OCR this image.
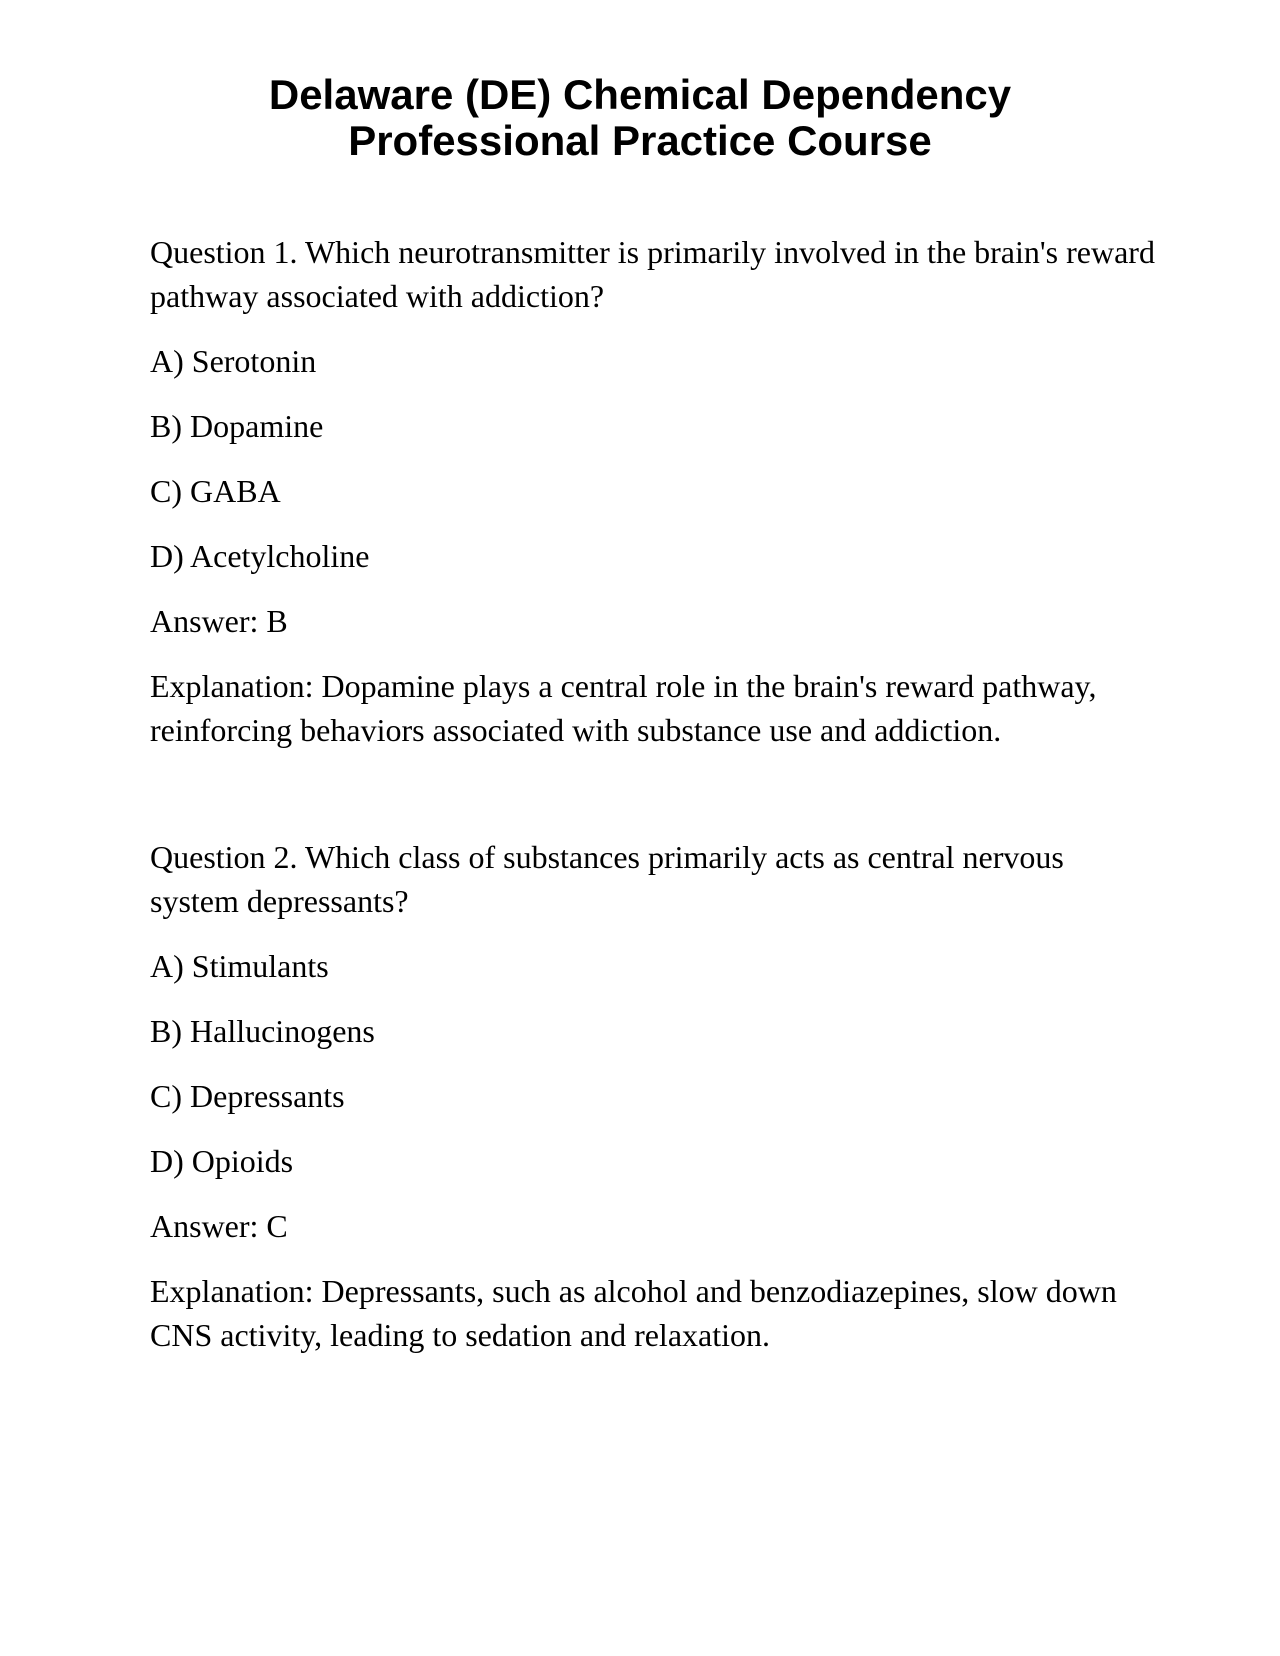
Delaware (DE) Chemical Dependency
Professional Practice Course

Question 1. Which neurotransmitter is primarily involved in the brain's reward pathway associated with addiction?

A) Serotonin

B) Dopamine

C) GABA

D) Acetylcholine

Answer: B

Explanation: Dopamine plays a central role in the brain's reward pathway, reinforcing behaviors associated with substance use and addiction.

Question 2. Which class of substances primarily acts as central nervous system depressants?

A) Stimulants

B) Hallucinogens

C) Depressants

D) Opioids

Answer: C

Explanation: Depressants, such as alcohol and benzodiazepines, slow down CNS activity, leading to sedation and relaxation.
